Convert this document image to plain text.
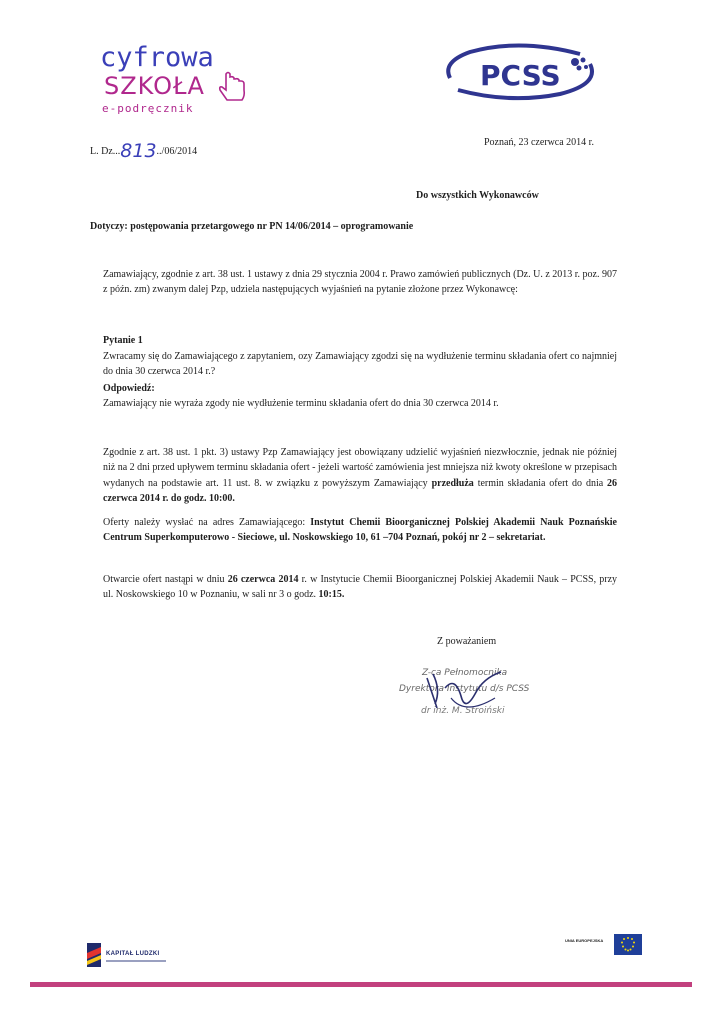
cyfrowa
SZKOŁA
e-podręcznik
PCSS
L. Dz...813../06/2014
Poznań, 23 czerwca 2014 r.
Do wszystkich Wykonawców
Dotyczy: postępowania przetargowego nr PN 14/06/2014 – oprogramowanie
Zamawiający, zgodnie z art. 38 ust. 1 ustawy z dnia 29 stycznia 2004 r. Prawo zamówień publicznych (Dz. U. z 2013 r. poz. 907 z późn. zm) zwanym dalej Pzp, udziela następujących wyjaśnień na pytanie złożone przez Wykonawcę:
Pytanie 1
Zwracamy się do Zamawiającego z zapytaniem, ozy Zamawiający zgodzi się na wydłużenie terminu składania ofert co najmniej do dnia 30 czerwca 2014 r.?
Odpowiedź:
Zamawiający nie wyraża zgody nie wydłużenie terminu składania ofert do dnia 30 czerwca 2014 r.
Zgodnie z art. 38 ust. 1 pkt. 3) ustawy Pzp Zamawiający jest obowiązany udzielić wyjaśnień niezwłocznie, jednak nie później niż na 2 dni przed upływem terminu składania ofert - jeżeli wartość zamówienia jest mniejsza niż kwoty określone w przepisach wydanych na podstawie art. 11 ust. 8. w związku z powyższym Zamawiający przedłuża termin składania ofert do dnia 26 czerwca 2014 r. do godz. 10:00.
Oferty należy wysłać na adres Zamawiającego: Instytut Chemii Bioorganicznej Polskiej Akademii Nauk Poznańskie Centrum Superkomputerowo - Sieciowe, ul. Noskowskiego 10, 61 –704 Poznań, pokój nr 2 – sekretariat.
Otwarcie ofert nastąpi w dniu 26 czerwca 2014 r. w Instytucie Chemii Bioorganicznej Polskiej Akademii Nauk – PCSS, przy ul. Noskowskiego 10 w Poznaniu, w sali nr 3 o godz. 10:15.
Z poważaniem
Z-ca Pełnomocnika
Dyrektora Instytutu d/s PCSS
dr inż. M. Stroiński
KAPITAŁ LUDZKI
UNIA EUROPEJSKA
